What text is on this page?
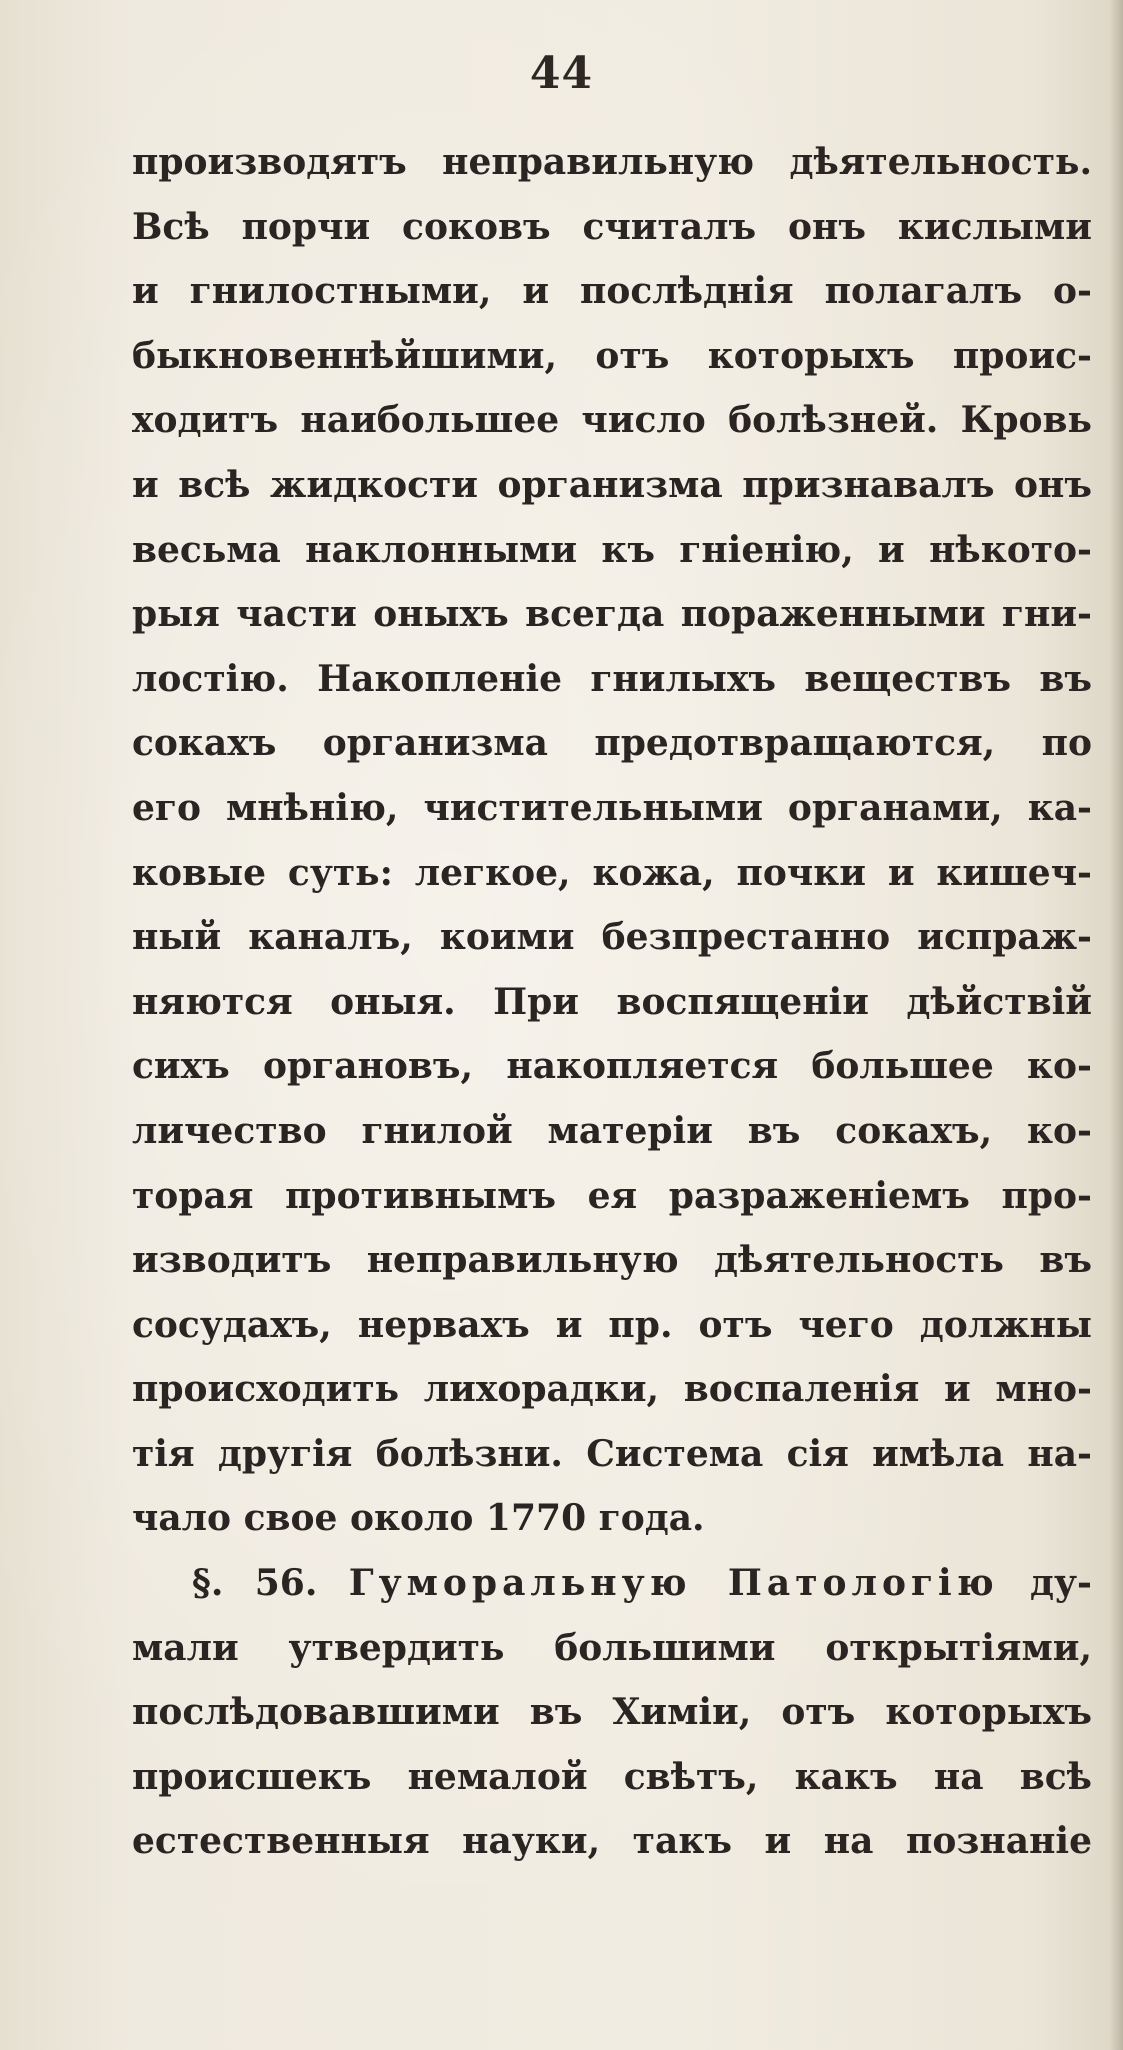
44
производятъ неправильную дѣятельность.
Всѣ порчи соковъ считалъ онъ кислыми
и гнилостными, и послѣднія полагалъ о-
быкновеннѣйшими, отъ которыхъ проис-
ходитъ наибольшее число болѣзней. Кровь
и всѣ жидкости организма признавалъ онъ
весьма наклонными къ гніенію, и нѣкото-
рыя части оныхъ всегда пораженными гни-
лостію. Накопленіе гнилыхъ веществъ въ
сокахъ организма предотвращаются, по
его мнѣнію, чистительными органами, ка-
ковые суть: легкое, кожа, почки и кишеч-
ный каналъ, коими безпрестанно испраж-
няются оныя. При воспященіи дѣйствій
сихъ органовъ, накопляется большее ко-
личество гнилой матеріи въ сокахъ, ко-
торая противнымъ ея разраженіемъ про-
изводитъ неправильную дѣятельность въ
сосудахъ, нервахъ и пр. отъ чего должны
происходить лихорадки, воспаленія и мно-
тія другія болѣзни. Система сія имѣла на-
чало свое около 1770 года.
§. 56. Гуморальную Патологію ду-
мали утвердить большими открытіями,
послѣдовавшими въ Химіи, отъ которыхъ
происшекъ немалой свѣтъ, какъ на всѣ
естественныя науки, такъ и на познаніе
